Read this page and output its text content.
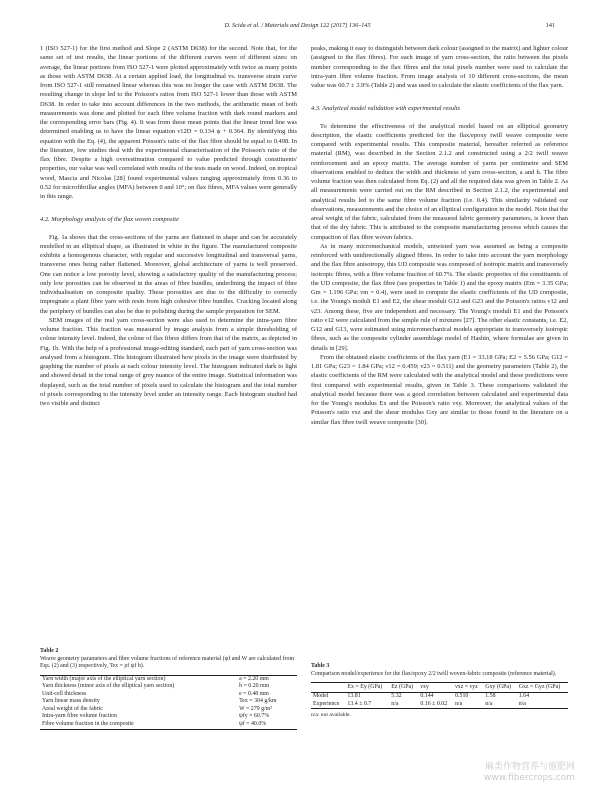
D. Scida et al. / Materials and Design 122 (2017) 136–145	141

1 (ISO 527-1) for the first method and Slope 2 (ASTM D638) for the second. Note that, for the same set of test results, the linear portions of the different curves were of different sizes: on average, the linear portions from ISO 527-1 were plotted approximately with twice as many points as those with ASTM D638. At a certain applied load, the longitudinal vs. transverse strain curve from ISO 527-1 still remained linear whereas this was no longer the case with ASTM D638. The resulting change in slope led to the Poisson's ratios from ISO 527-1 lower than those with ASTM D638. In order to take into account differences in the two methods, the arithmetic mean of both measurements was done and plotted for each fibre volume fraction with dark round markers and the corresponding error bars (Fig. 4). It was from these mean points that the linear trend line was determined enabling us to have the linear equation ν12D = 0.134 ψ + 0.364. By identifying this equation with the Eq. (4), the apparent Poisson's ratio of the flax fibre should be equal to 0.498. In the literature, few studies deal with the experimental characterisation of the Poisson's ratio of the flax fibre. Despite a high overestimation compared to value predicted through constituents' properties, our value was well correlated with results of the tests made on wood. Indeed, on tropical wood, Mascia and Nicolas [28] found experimental values ranging approximately from 0.36 to 0.52 for microfibrillar angles (MFA) between 0 and 10°; on flax fibres, MFA values were generally in this range.

4.2. Morphology analysis of the flax woven composite

Fig. 1a shows that the cross-sections of the yarns are flattened in shape and can be accurately modelled in an elliptical shape, as illustrated in white in the figure. The manufactured composite exhibits a homogenous character, with regular and successive longitudinal and transversal yarns, transverse ones being rather flattened. Moreover, global architecture of yarns is well preserved. One can notice a low porosity level, showing a satisfactory quality of the manufacturing process; only low porosities can be observed in the areas of fibre bundles, underlining the impact of fibre individualisation on composite quality. These porosities are due to the difficulty to correctly impregnate a plant fibre yarn with resin from high cohesive fibre bundles. Cracking located along the periphery of bundles can also be due to polishing during the sample preparation for SEM.

SEM images of the real yarn cross-section were also used to determine the intra-yarn fibre volume fraction. This fraction was measured by image analysis from a simple thresholding of colour intensity level. Indeed, the colour of flax fibres differs from that of the matrix, as depicted in Fig. 1b. With the help of a professional image-editing standard, each part of yarn cross-section was analysed from a histogram. This histogram illustrated how pixels in the image were distributed by graphing the number of pixels at each colour intensity level. The histogram indicated dark to light and showed detail in the tonal range of grey nuance of the entire image. Statistical information was displayed, such as the total number of pixels used to calculate the histogram and the total number of pixels corresponding to the intensity level under an intensity range. Each histogram studied had two visible and distinct

peaks, making it easy to distinguish between dark colour (assigned to the matrix) and lighter colour (assigned to the flax fibres). For each image of yarn cross-section, the ratio between the pixels number corresponding to the flax fibres and the total pixels number were used to calculate the intra-yarn fibre volume fraction. From image analysis of 10 different cross-sections, the mean value was 60.7 ± 3.9% (Table 2) and was used to calculate the elastic coefficients of the flax yarn.

4.3. Analytical model validation with experimental results

To determine the effectiveness of the analytical model based on an elliptical geometry description, the elastic coefficients predicted for the flax/epoxy twill weave composite were compared with experimental results. This composite material, hereafter referred as reference material (RM), was described in the Section 2.1.2 and constructed using a 2/2 twill weave reinforcement and an epoxy matrix. The average number of yarns per centimetre and SEM observations enabled to deduce the width and thickness of yarn cross-section, a and h. The fibre volume fraction was then calculated from Eq. (2) and all the required data was given in Table 2. As all measurements were carried out on the RM described in Section 2.1.2, the experimental and analytical results led to the same fibre volume fraction (i.e. 0.4). This similarity validated our observations, measurements and the choice of an elliptical configuration in the model. Note that the areal weight of the fabric, calculated from the measured fabric geometry parameters, is lower than that of the dry fabric. This is attributed to the composite manufacturing process which causes the compaction of flax fibre woven fabrics.

As in many micromechanical models, untwisted yarn was assumed as being a composite reinforced with unidirectionally aligned fibres. In order to take into account the yarn morphology and the flax fibre anisotropy, this UD composite was composed of isotropic matrix and transversely isotropic fibres, with a fibre volume fraction of 60.7%. The elastic properties of the constituents of the UD composite, the flax fibre (see properties in Table 1) and the epoxy matrix (Em = 3.35 GPa; Gm = 1.196 GPa; νm = 0.4), were used to compute the elastic coefficients of the UD composite, i.e. the Young's moduli E1 and E2, the shear moduli G12 and G23 and the Poisson's ratios ν12 and ν23. Among these, five are independent and necessary. The Young's moduli E1 and the Poisson's ratio ν12 were calculated from the simple rule of mixtures [27]. The other elastic constants, i.e. E2, G12 and G13, were estimated using micromechanical models appropriate to transversely isotropic fibres, such as the composite cylinder assemblage model of Hashin, where formulae are given in details in [29].

From the obtained elastic coefficients of the flax yarn (E1 = 33.18 GPa; E2 = 5.56 GPa; G12 = 1.81 GPa; G23 = 1.84 GPa; ν12 = 0.459; ν23 = 0.511) and the geometry parameters (Table 2), the elastic coefficients of the RM were calculated with the analytical model and these predictions were first compared with experimental results, given in Table 3. These comparisons validated the analytical model because there was a good correlation between calculated and experimental data for the Young's modulus Ex and the Poisson's ratio νxy. Moreover, the analytical values of the Poisson's ratio νxz and the shear modulus Gxy are similar to those found in the literature on a similar flax fibre twill weave composite [30].

Table 2
Weave geometry parameters and fibre volume fractions of reference material (ψf and W are calculated from Eqs. (2) and (3) respectively, Tex = ρf ψf h).
Yarn width (major axis of the elliptical yarn section)	a = 2.20 mm
Yarn thickness (minor axis of the elliptical yarn section)	h = 0.20 mm
Unit-cell thickness	e = 0.48 mm
Yarn linear mass density	Tex = 304 g/km
Areal weight of the fabric	W = 279 g/m²
Intra-yarn fibre volume fraction	ψfy = 60.7%
Fibre volume fraction in the composite	ψf = 40.0%
Table 3
Comparison model/experience for the flax/epoxy 2/2 twill woven-fabric composite (reference material).
	Ex = Ey (GPa)	Ez (GPa)	νxy	νxz = νyz	Gxy (GPa)	Gxz = Gyz (GPa)
Model	13.81	5.32	0.144	0.510	1.58	1.64
Experience	13.4 ± 0.7	n/a	0.16 ± 0.02	n/a	n/a	n/a
n/a: not available.
麻类作物营养与施肥网
www.fibercrops.com
